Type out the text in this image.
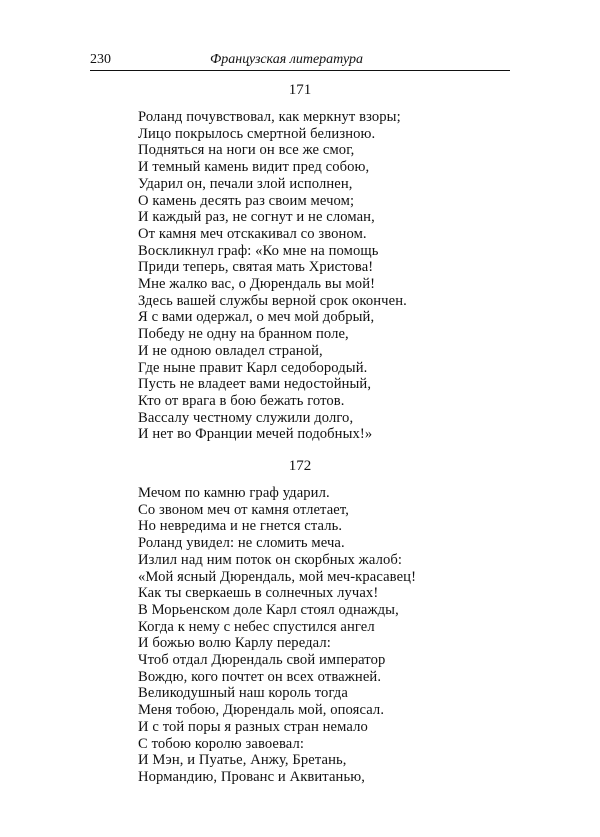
230	Французская литература
171
Роланд почувствовал, как меркнут взоры;
Лицо покрылось смертной белизною.
Подняться на ноги он все же смог,
И темный камень видит пред собою,
Ударил он, печали злой исполнен,
О камень десять раз своим мечом;
И каждый раз, не согнут и не сломан,
От камня меч отскакивал со звоном.
Воскликнул граф: «Ко мне на помощь
Приди теперь, святая мать Христова!
Мне жалко вас, о Дюрендаль вы мой!
Здесь вашей службы верной срок окончен.
Я с вами одержал, о меч мой добрый,
Победу не одну на бранном поле,
И не одною овладел страной,
Где ныне правит Карл седобородый.
Пусть не владеет вами недостойный,
Кто от врага в бою бежать готов.
Вассалу честному служили долго,
И нет во Франции мечей подобных!»
172
Мечом по камню граф ударил.
Со звоном меч от камня отлетает,
Но невредима и не гнется сталь.
Роланд увидел: не сломить меча.
Излил над ним поток он скорбных жалоб:
«Мой ясный Дюрендаль, мой меч-красавец!
Как ты сверкаешь в солнечных лучах!
В Морьенском доле Карл стоял однажды,
Когда к нему с небес спустился ангел
И божью волю Карлу передал:
Чтоб отдал Дюрендаль свой император
Вождю, кого почтет он всех отважней.
Великодушный наш король тогда
Меня тобою, Дюрендаль мой, опоясал.
И с той поры я разных стран немало
С тобою королю завоевал:
И Мэн, и Пуатье, Анжу, Бретань,
Нормандию, Прованс и Аквитанью,
